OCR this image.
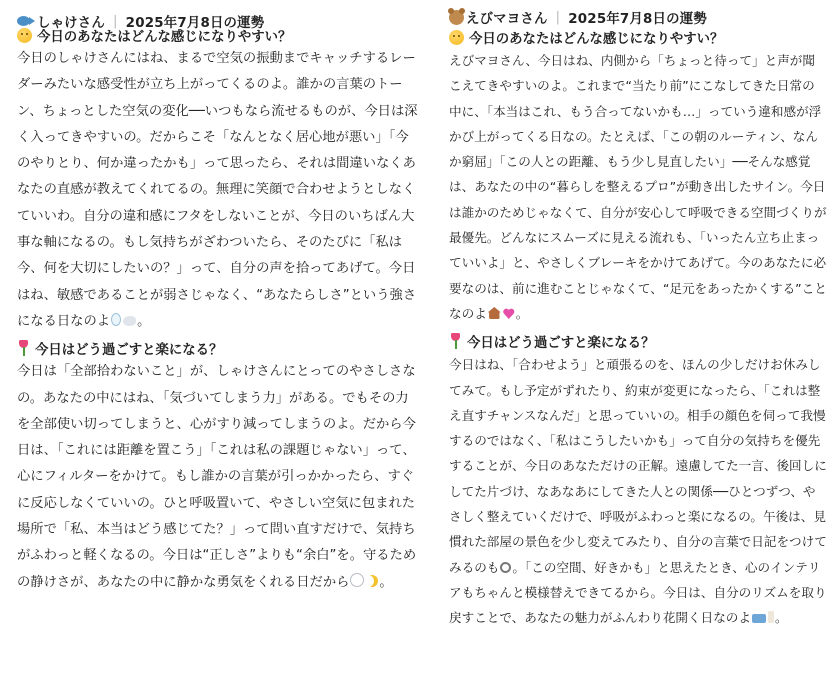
しゃけさん | 2025年7月8日の運勢
今日のあなたはどんな感じになりやすい？

今日のしゃけさんにはね、まるで空気の振動までキャッチするレーダーみたいな感受性が立ち上がってくるのよ。誰かの言葉のトーン、ちょっとした空気の変化──いつもなら流せるものが、今日は深く入ってきやすいの。だからこそ「なんとなく居心地が悪い」「今のやりとり、何か違ったかも」って思ったら、それは間違いなくあなたの直感が教えてくれてるの。無理に笑顔で合わせようとしなくていいわ。自分の違和感にフタをしないことが、今日のいちばん大事な軸になるの。もし気持ちがざわついたら、そのたびに「私は今、何を大切にしたいの？」って、自分の声を拾ってあげて。今日はね、敏感であることが弱さじゃなく、“あなたらしさ”という強さになる日なのよ 。

今日はどう過ごすと楽になる？

今日は「全部拾わないこと」が、しゃけさんにとってのやさしさなの。あなたの中にはね、「気づいてしまう力」がある。でもその力を全部使い切ってしまうと、心がすり減ってしまうのよ。だから今日は、「これには距離を置こう」「これは私の課題じゃない」って、心にフィルターをかけて。もし誰かの言葉が引っかかったら、すぐに反応しなくていいの。ひと呼吸置いて、やさしい空気に包まれた場所で「私、本当はどう感じてた？」って問い直すだけで、気持ちがふわっと軽くなるの。今日は“正しさ”よりも“余白”を。守るための静けさが、あなたの中に静かな勇気をくれる日だから 。

えびマヨさん | 2025年7月8日の運勢
今日のあなたはどんな感じになりやすい？

えびマヨさん、今日はね、内側から「ちょっと待って」と声が聞こえてきやすいのよ。これまで“当たり前”にこなしてきた日常の中に、「本当はこれ、もう合ってないかも…」っていう違和感が浮かび上がってくる日なの。たとえば、「この朝のルーティン、なんか窮屈」「この人との距離、もう少し見直したい」──そんな感覚は、あなたの中の“暮らしを整えるプロ”が動き出したサイン。今日は誰かのためじゃなくて、自分が安心して呼吸できる空間づくりが最優先。どんなにスムーズに見える流れも、「いったん立ち止まっていいよ」と、やさしくブレーキをかけてあげて。今のあなたに必要なのは、前に進むことじゃなくて、“足元をあったかくする”ことなのよ 。

今日はどう過ごすと楽になる？

今日はね、「合わせよう」と頑張るのを、ほんの少しだけお休みしてみて。もし予定がずれたり、約束が変更になったら、「これは整え直すチャンスなんだ」と思っていいの。相手の顔色を伺って我慢するのではなく、「私はこうしたいかも」って自分の気持ちを優先することが、今日のあなただけの正解。遠慮してた一言、後回しにしてた片づけ、なあなあにしてきた人との関係──ひとつずつ、やさしく整えていくだけで、呼吸がふわっと楽になるの。午後は、見慣れた部屋の景色を少し変えてみたり、自分の言葉で日記をつけてみるのも 。「この空間、好きかも」と思えたとき、心のインテリアもちゃんと模様替えできてるから。今日は、自分のリズムを取り戻すことで、あなたの魅力がふんわり花開く日なのよ 。
